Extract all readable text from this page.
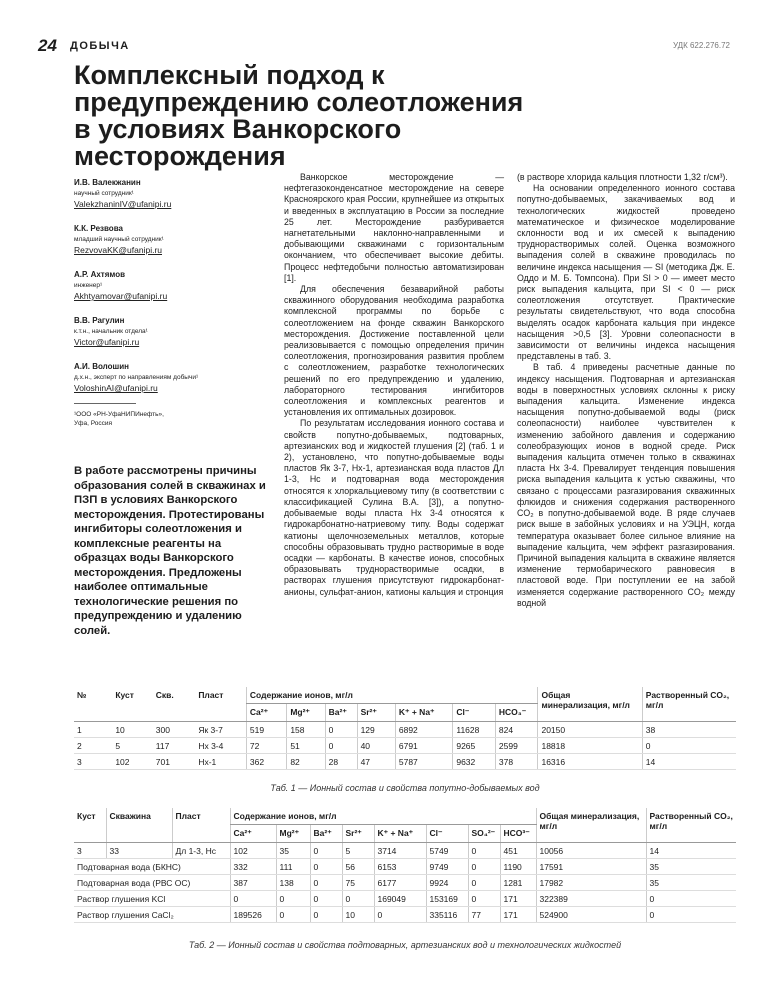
24 ДОБЫЧА	УДК 622.276.72
Комплексный подход к предупреждению солеотложения в условиях Ванкорского месторождения
И.В. Валекжанин
научный сотрудник¹
ValekzhaninIV@ufanipi.ru
К.К. Резвова
младший научный сотрудник¹
RezvovaKK@ufanipi.ru
А.Р. Ахтямов
инженер¹
Akhtyamovar@ufanipi.ru
В.В. Рагулин
к.т.н., начальник отдела¹
Victor@ufanipi.ru
А.И. Волошин
д.х.н., эксперт по направлениям добычи¹
VoloshinAI@ufanipi.ru
¹ООО «РН-УфаНИПИнефть»,
Уфа, Россия
В работе рассмотрены причины образования солей в скважинах и ПЗП в условиях Ванкорского месторождения. Протестированы ингибиторы солеотложения и комплексные реагенты на образцах воды Ванкорского месторождения. Предложены наиболее оптимальные технологические решения по предупреждению и удалению солей.

Ванкорское месторождение — нефтегазоконденсатное месторождение на севере Красноярского края России, крупнейшее из открытых и введенных в эксплуатацию в России за последние 25 лет. Месторождение разбуривается нагнетательными наклонно-направленными и добывающими скважинами с горизонтальным окончанием, что обеспечивает высокие дебиты. Процесс нефтедобычи полностью автоматизирован [1].

Для обеспечения безаварийной работы скважинного оборудования необходима разработка комплексной программы по борьбе с солеотложением на фонде скважин Ванкорского месторождения. Достижение поставленной цели реализовывается с помощью определения причин солеотложения, прогнозирования развития проблем с солеотложением, разработке технологических решений по его предупреждению и удалению, лабораторного тестирования ингибиторов солеотложения и комплексных реагентов и установления их оптимальных дозировок.

По результатам исследования ионного состава и свойств попутно-добываемых, подтоварных, артезианских вод и жидкостей глушения [2] (таб. 1 и 2), установлено, что попутно-добываемые воды пластов Як 3-7, Нх-1, артезианская вода пластов Дл 1-3, Нс и подтоварная вода месторождения относятся к хлоркальциевому типу (в соответствии с классификацией Сулина В.А. [3]), а попутно-добываемые воды пласта Нх 3-4 относятся к гидрокарбонатно-натриевому типу. Воды содержат катионы щелочноземельных металлов, которые способны образовывать трудно растворимые в воде осадки — карбонаты. В качестве ионов, способных образовывать труднорастворимые осадки, в растворах глушения присутствуют гидрокарбонат-анионы, сульфат-анион, катионы кальция и стронция

(в растворе хлорида кальция плотности 1,32 г/см³).

На основании определенного ионного состава попутно-добываемых, закачиваемых вод и технологических жидкостей проведено математическое и физическое моделирование склонности вод и их смесей к выпадению труднорастворимых солей. Оценка возможного выпадения солей в скважине проводилась по величине индекса насыщения — SI (методика Дж. Е. Оддо и М. Б. Томпсона). При SI > 0 — имеет место риск выпадения кальцита, при SI < 0 — риск солеотложения отсутствует. Практические результаты свидетельствуют, что вода способна выделять осадок карбоната кальция при индексе насыщения >0,5 [3]. Уровни солеопасности в зависимости от величины индекса насыщения представлены в таб. 3.

В таб. 4 приведены расчетные данные по индексу насыщения. Подтоварная и артезианская воды в поверхностных условиях склонны к риску выпадения кальцита. Изменение индекса насыщения попутно-добываемой воды (риск солеопасности) наиболее чувствителен к изменению забойного давления и содержанию солеобразующих ионов в водной среде. Риск выпадения кальцита отмечен только в скважинах пласта Нх 3-4. Превалирует тенденция повышения риска выпадения кальцита к устью скважины, что связано с процессами разгазирования скважинных флюидов и снижения содержания растворенного CO₂ в попутно-добываемой воде. В ряде случаев риск выше в забойных условиях и на УЭЦН, когда температура оказывает более сильное влияние на выпадение кальцита, чем эффект разгазирования. Причиной выпадения кальцита в скважине является изменение термобарического равновесия в пластовой воде. При поступлении ее на забой изменяется содержание растворенного CO₂ между водной

№	Куст	Скв.	Пласт	Содержание ионов, мг/л							Общая минерализация, мг/л	Растворенный CO₂, мг/л
				Ca²⁺	Mg²⁺	Ba²⁺	Sr²⁺	K⁺ + Na⁺	Cl⁻	HCO₃⁻		
1	10	300	Як 3-7	519	158	0	129	6892	11628	824	20150	38
2	5	117	Нх 3-4	72	51	0	40	6791	9265	2599	18818	0
3	102	701	Нх-1	362	82	28	47	5787	9632	378	16316	14
Таб. 1 — Ионный состав и свойства попутно-добываемых вод
Куст	Скважина	Пласт	Содержание ионов, мг/л								Общая минерализация, мг/л	Растворенный CO₂, мг/л
			Ca²⁺	Mg²⁺	Ba²⁺	Sr²⁺	K⁺ + Na⁺	Cl⁻	SO₄²⁻	HCO³⁻		
3	33	Дл 1-3, Нс	102	35	0	5	3714	5749	0	451	10056	14
Подтоварная вода (БКНС)			332	111	0	56	6153	9749	0	1190	17591	35
Подтоварная вода (РВС ОС)			387	138	0	75	6177	9924	0	1281	17982	35
Раствор глушения KCl			0	0	0	0	169049	153169	0	171	322389	0
Раствор глушения CaCl₂			189526	0	0	10	0	335116	77	171	524900	0
Таб. 2 — Ионный состав и свойства подтоварных, артезианских вод и технологических жидкостей
